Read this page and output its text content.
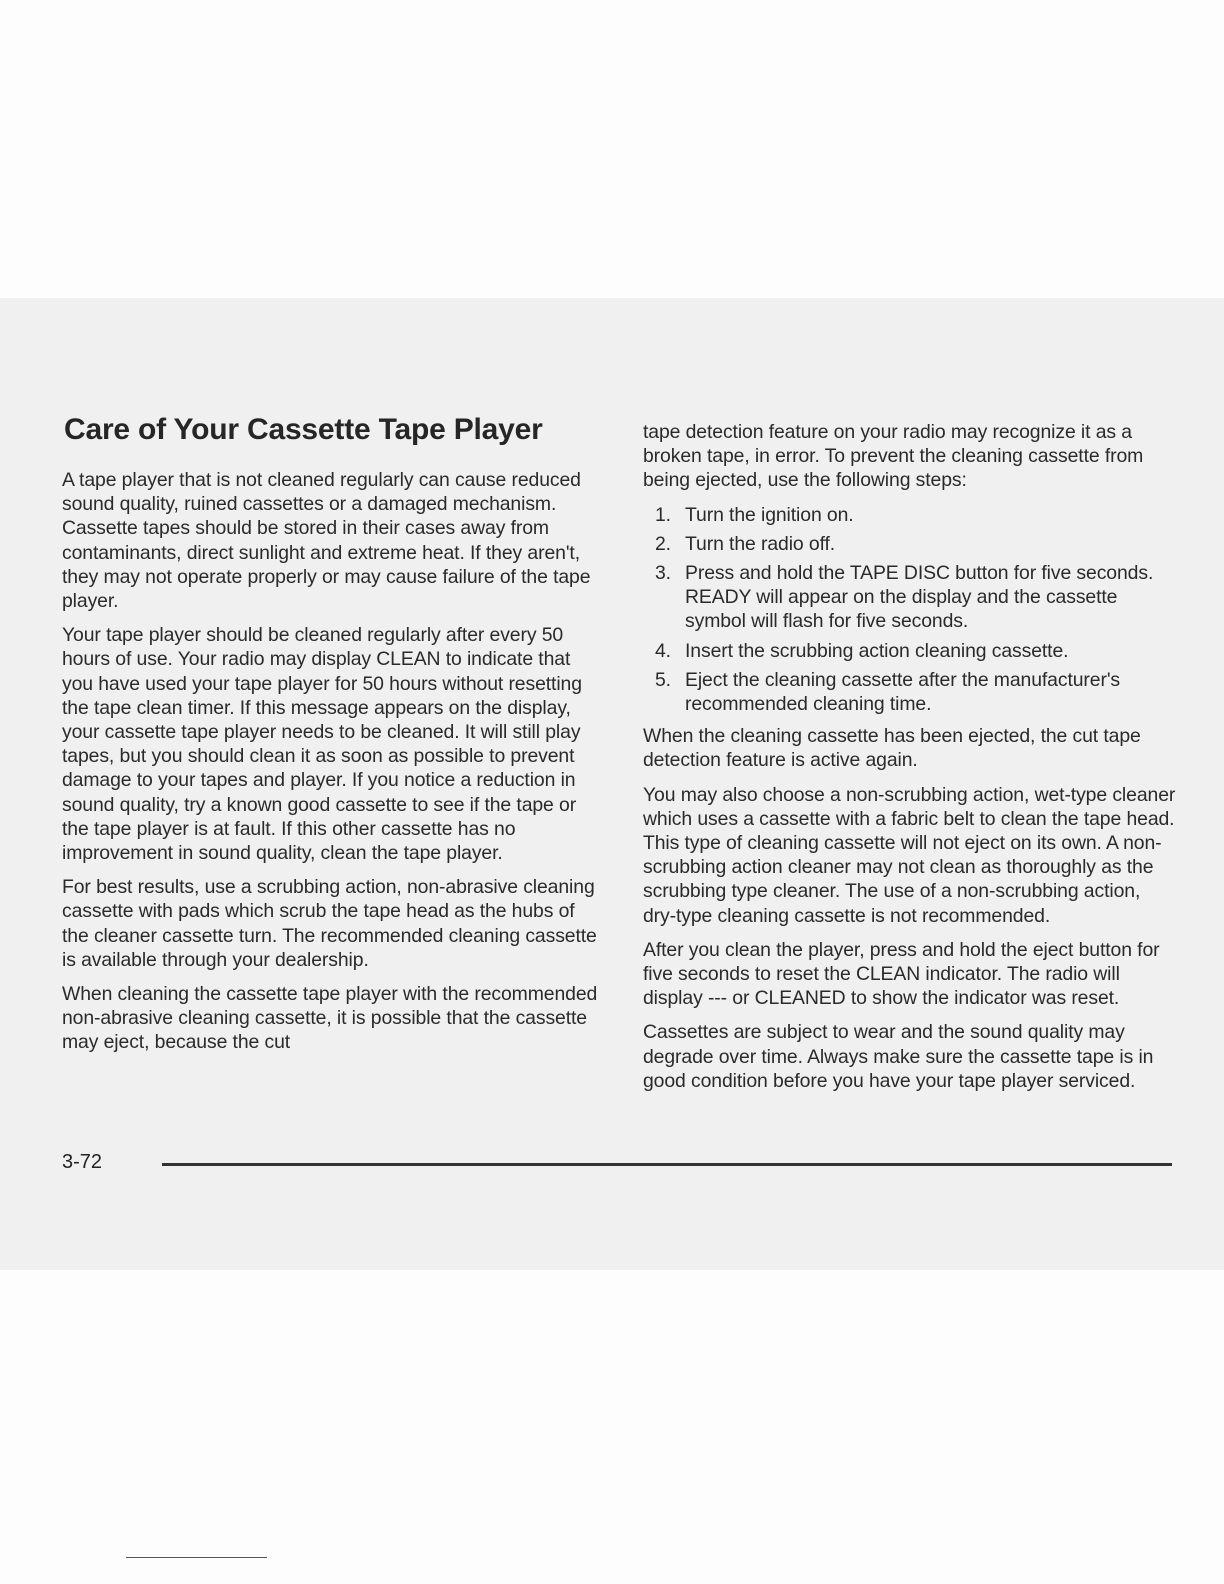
Care of Your Cassette Tape Player

A tape player that is not cleaned regularly can cause reduced sound quality, ruined cassettes or a damaged mechanism. Cassette tapes should be stored in their cases away from contaminants, direct sunlight and extreme heat. If they aren't, they may not operate properly or may cause failure of the tape player.

Your tape player should be cleaned regularly after every 50 hours of use. Your radio may display CLEAN to indicate that you have used your tape player for 50 hours without resetting the tape clean timer. If this message appears on the display, your cassette tape player needs to be cleaned. It will still play tapes, but you should clean it as soon as possible to prevent damage to your tapes and player. If you notice a reduction in sound quality, try a known good cassette to see if the tape or the tape player is at fault. If this other cassette has no improvement in sound quality, clean the tape player.

For best results, use a scrubbing action, non-abrasive cleaning cassette with pads which scrub the tape head as the hubs of the cleaner cassette turn. The recommended cleaning cassette is available through your dealership.

When cleaning the cassette tape player with the recommended non-abrasive cleaning cassette, it is possible that the cassette may eject, because the cut

tape detection feature on your radio may recognize it as a broken tape, in error. To prevent the cleaning cassette from being ejected, use the following steps:

1. Turn the ignition on.
2. Turn the radio off.
3. Press and hold the TAPE DISC button for five seconds. READY will appear on the display and the cassette symbol will flash for five seconds.
4. Insert the scrubbing action cleaning cassette.
5. Eject the cleaning cassette after the manufacturer's recommended cleaning time.

When the cleaning cassette has been ejected, the cut tape detection feature is active again.

You may also choose a non-scrubbing action, wet-type cleaner which uses a cassette with a fabric belt to clean the tape head. This type of cleaning cassette will not eject on its own. A non-scrubbing action cleaner may not clean as thoroughly as the scrubbing type cleaner. The use of a non-scrubbing action, dry-type cleaning cassette is not recommended.

After you clean the player, press and hold the eject button for five seconds to reset the CLEAN indicator. The radio will display --- or CLEANED to show the indicator was reset.

Cassettes are subject to wear and the sound quality may degrade over time. Always make sure the cassette tape is in good condition before you have your tape player serviced.

3-72
